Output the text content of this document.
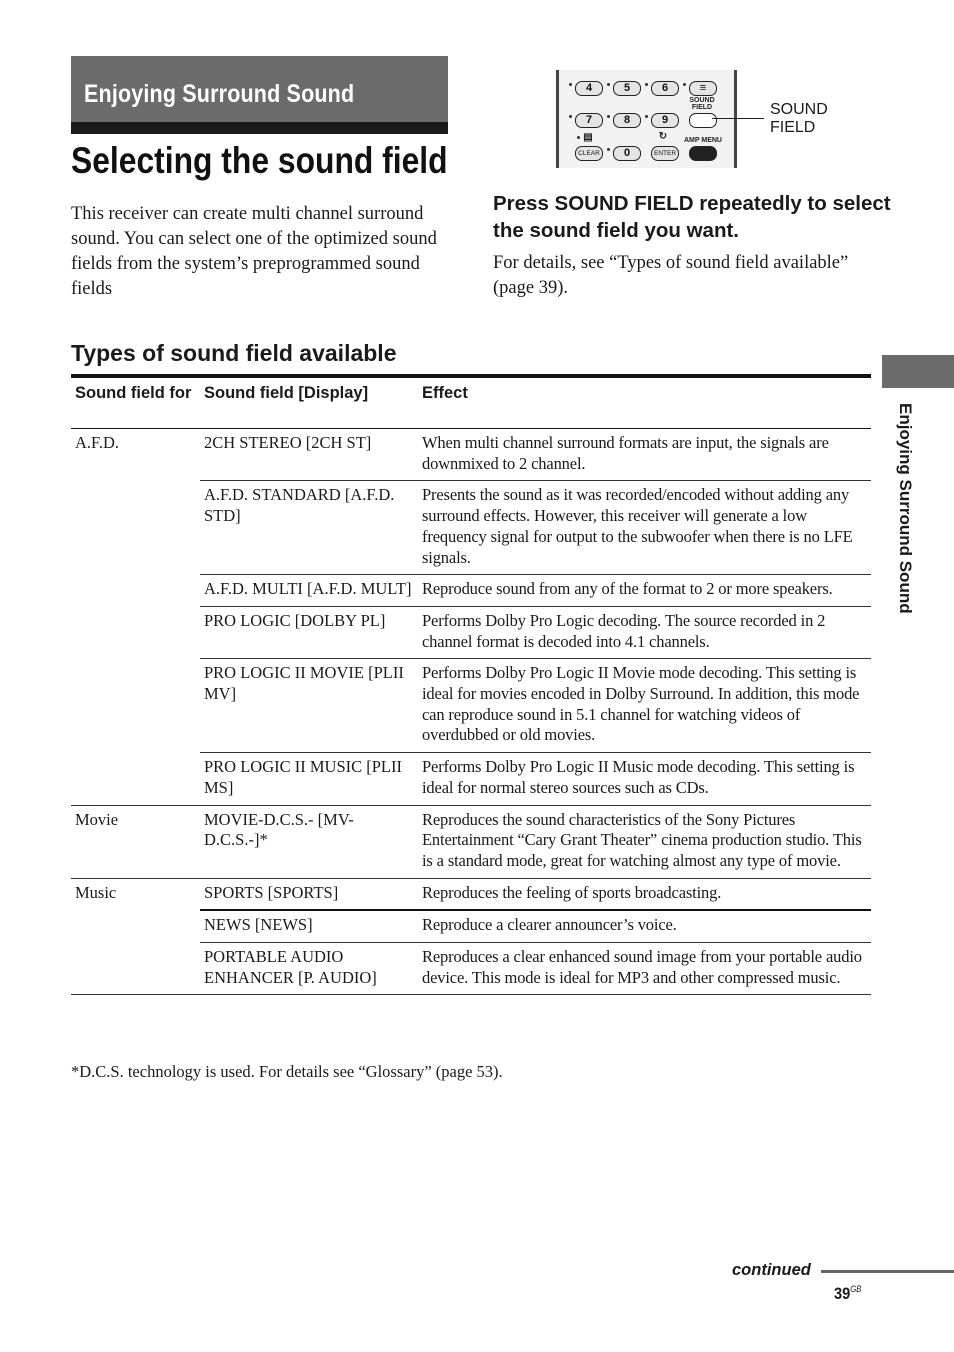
Enjoying Surround Sound
Selecting the sound field
This receiver can create multi channel surround sound. You can select one of the optimized sound fields from the system’s preprogrammed sound fields
4	5	6	≡
SOUND FIELD
7	8	9
▤	↻	AMP MENU
CLEAR	0	ENTER
SOUND FIELD
Press SOUND FIELD repeatedly to select the sound field you want.
For details, see “Types of sound field available” (page 39).
Types of sound field available
Sound field for	Sound field [Display]	Effect
A.F.D.	2CH STEREO [2CH ST]	When multi channel surround formats are input, the signals are downmixed to 2 channel.
	A.F.D. STANDARD [A.F.D. STD]	Presents the sound as it was recorded/encoded without adding any surround effects. However, this receiver will generate a low frequency signal for output to the subwoofer when there is no LFE signals.
	A.F.D. MULTI [A.F.D. MULT]	Reproduce sound from any of the format to 2 or more speakers.
	PRO LOGIC [DOLBY PL]	Performs Dolby Pro Logic decoding. The source recorded in 2 channel format is decoded into 4.1 channels.
	PRO LOGIC II MOVIE [PLII MV]	Performs Dolby Pro Logic II Movie mode decoding. This setting is ideal for movies encoded in Dolby Surround. In addition, this mode can reproduce sound in 5.1 channel for watching videos of overdubbed or old movies.
	PRO LOGIC II MUSIC [PLII MS]	Performs Dolby Pro Logic II Music mode decoding. This setting is ideal for normal stereo sources such as CDs.
Movie	MOVIE-D.C.S.- [MV-D.C.S.-]*	Reproduces the sound characteristics of the Sony Pictures Entertainment “Cary Grant Theater” cinema production studio. This is a standard mode, great for watching almost any type of movie.
Music	SPORTS [SPORTS]	Reproduces the feeling of sports broadcasting.
	NEWS [NEWS]	Reproduce a clearer announcer’s voice.
	PORTABLE AUDIO ENHANCER [P. AUDIO]	Reproduces a clear enhanced sound image from your portable audio device. This mode is ideal for MP3 and other compressed music.
*D.C.S. technology is used. For details see “Glossary” (page 53).
Enjoying Surround Sound
continued
$39^{GB}$
